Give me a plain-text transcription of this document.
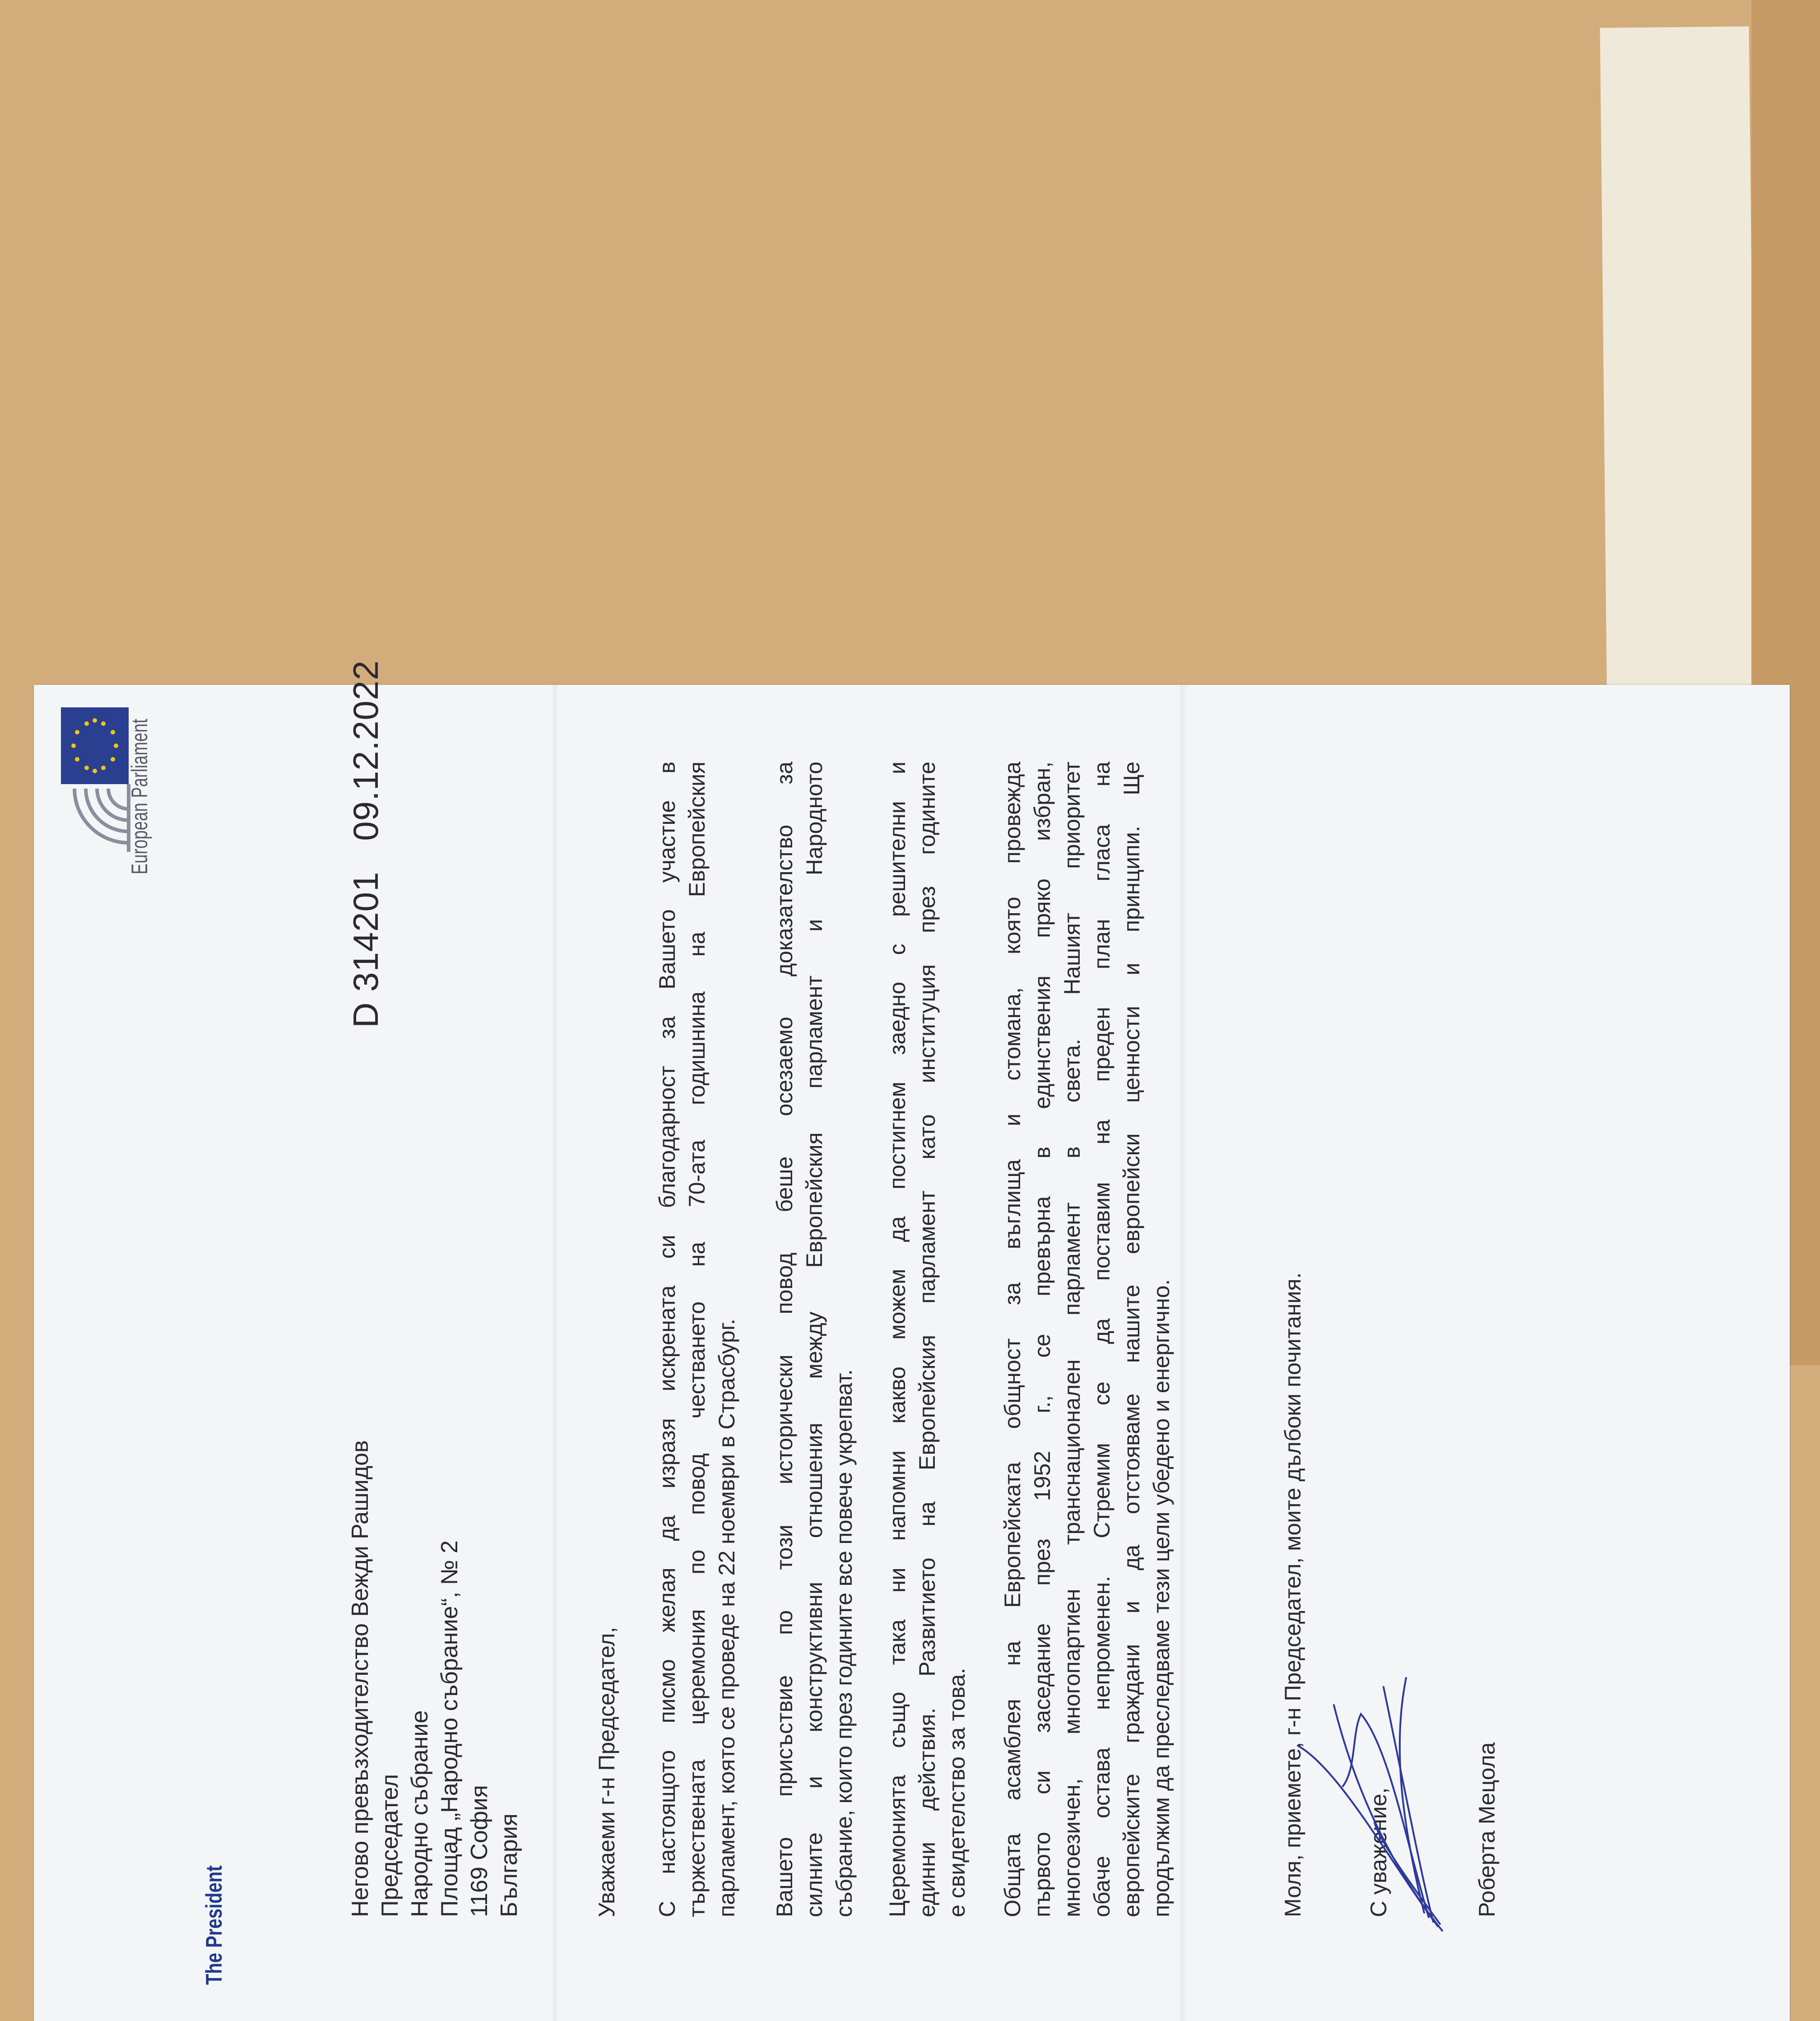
European Parliament
The President
Негово превъзходителство Вежди Рашидов Председател Народно събрание Площад „Народно събрание“, № 2 1169 София България
D 314201   09.12.2022
Уважаеми г-н Председател, С настоящото писмо желая да изразя искрената си благодарност за Вашето участие в тържествената церемония по повод честването на 70-ата годишнина на Европейския парламент, която се проведе на 22 ноември в Страсбург. Вашето присъствие по този исторически повод беше осезаемо доказателство за силните и конструктивни отношения между Европейския парламент и Народното събрание, които през годините все повече укрепват. Церемонията също така ни напомни какво можем да постигнем заедно с решителни и единни действия. Развитието на Европейския парламент като институция през годините е свидетелство за това. Общата асамблея на Европейската общност за въглища и стомана, която провежда първото си заседание през 1952 г., се превърна в единствения пряко избран, многоезичен, многопартиен транснационален парламент в света. Нашият приоритет обаче остава непроменен. Стремим се да поставим на преден план гласа на европейските граждани и да отстояваме нашите европейски ценности и принципи. Ще продължим да преследваме тези цели убедено и енергично.	Моля, приемете, г-н Председател, моите дълбоки почитания.	С уважение,	Роберта Мецола
